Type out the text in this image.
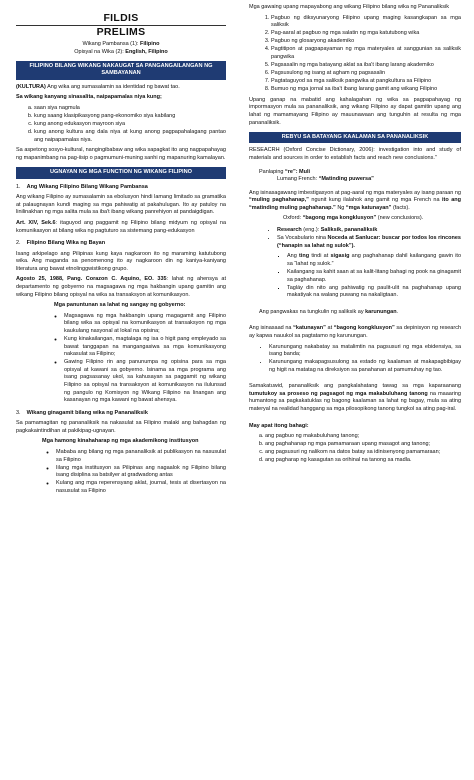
FILDIS
PRELIMS
Wikang Pambansa (1): Filipino
Opisyal na Wika (2): English, Filipino
FILIPINO BILANG WIKANG NAKAUGAT SA PANGANGAILANGAN NG SAMBAYANAN

(KULTURA) Ang wika ang sumasalamin sa identidad ng bawat tao.

Sa wikang kanyang sinasalita, naipapamalas niya kung;

a. saan siya nagmula
b. kung saang klasipikasyong pang-ekonomiko siya kabilang
c. kung anong edukasyon mayroon siya
d. kung anong kultura ang dala niya at kung anong pagpapahalagang pantao ang naipapamalas niya.

Sa aspetong sosyo-kultural, nangingibabaw ang wika sapagkat ito ang nagpapahayag ng mapanimbang na pag-iisip o pagmumuni-muning sanhi ng mapanuring kamalayan.

UGNAYAN NG MGA FUNCTION NG WIKANG FILIPINO
1. Ang Wikang Filipino Bilang Wikang Pambansa

Ang wikang Filipino ay sumasalamin sa ebolusyon hindi lamang limitado sa gramatika at palaugnayan kundi maging sa mga pahiwatig at pakahulugan. Ito ay patuloy na linilinakhan ng mga salita mula sa iba't ibang wikang panrehiyon at pandaigdigan.

Art. XIV, Sek.6: itaguyod ang paggamit ng Filipino bilang midyum ng opisyal na komunikasyon at bilang wika ng pagtuturo sa sistemang pang-edukasyon

2. Filipino Bilang Wika ng Bayan

Isang arkipelago ang Pilipinas kung kaya nagkaroon ito ng maraming katutubong wika. Ang maganda sa penomenong ito ay nagkaroon din ng kaniya-kaniyang literatura ang bawat etnolinggwistikong grupo.

Agosto 25, 1988, Pang. Corazon C. Aquino, EO. 335: lahat ng ahensya at departamento ng gobyerno na magsagawa ng mga hakbangin upang gamitin ang wikang Filipino bilang opisyal na wika sa transaksyon at komunikasyon.

Mga panuntunan sa lahat ng sangay ng gobyerno:

◦ Magsagawa ng mga hakbangin upang magagamit ang Filipino bilang wika sa opisyal na komunikasyon at transaksyon ng mga kaukulang nasyonal at lokal na opisina;
◦ Kung kinakailangan, magtalaga ng isa o higit pang empleyado sa bawat tanggapan na mangangasiwa sa mga komunikasyong nakasulat sa Filipino;
◦ Gawing Filipino rin ang panunumpa ng opisina para sa mga opisyal at kawani sa gobyerno. Isinama sa mga programa ang isang pagsasanay ukol, sa kahusayan sa paggamit ng wikang Filipino sa opisyal na transaksyon at komunikasyon na ilulunsad ng pangulo ng Komisyon ng Wikang Filipino na linangan ang kasanayan ng mga kawani ng bawat ahensya.
3. Wikang ginagamit bilang wika ng Pananaliksik

Sa pamamagitan ng pananaliksik na nakasulat sa Filipino malaki ang bahagdan ng pagkakaintindihan at pakikipag-ugnayan.

Mga hamong kinahaharap ng mga akademikong institusyon

◦ Mababa ang bilang ng mga pananaliksik at publikasyon na nasusulat sa Filipino
◦ Iilang mga institusyon sa Pilipinas ang nagaalok ng Filipino bilang isang disiplina sa batsilyer at gradwadong antas
◦ Kulang ang mga reperensyang aklat, journal, tesis at disertasyon na nasusulat sa Filipino

Mga gawaing upang mapayabong ang wikang Filipino bilang wika ng Pananaliksik

1. Pagbuo ng diksyunaryong Filipino upang maging kasangkapan sa mga saliksik
2. Pag-aaral at pagbuo ng mga salatin ng mga katutubong wika
3. Pagbuo ng glosaryong akademiko
4. Pagtitipon at pagpapayaman ng mga materyales at sanggunian sa saliksik pangwika
5. Pagsasalin ng mga batayang aklat sa iba't ibang larang akademiko
6. Pagsusulong ng isang at agham ng pagsasalin
7. Pagtataguyod sa mga saliksik pangwika at pangkultura sa Filipino
8. Bumuo ng mga jornal sa iba't ibang larang gamit ang wikang Filipino

Upang ganap na mabatid ang kahalagahan ng wika sa pagpapahayag ng impormasyon mula sa pananaliksik, ang wikang Filipino ay dapat gamitin upang ang lahat ng mamamayang Filipino ay mauunawaan ang tunguhin at resulta ng mga pananaliksik.

REBYU SA BATAYANG KAALAMAN SA PANANALIKSIK

RESEACRH (Oxford Concise Dictionary, 2006): investigation into and study of materials and sources in order to establish facts and reach new conclusions.”

Panlaping “re”: Muli
Lumang French: “Matinding puwersa”

Ang isinasagawang imbestigasyon at pag-aaral ng mga materyales ay isang paraan ng “muling paghahanap,” ngunit kung ilalahok ang gamit ng mga French na ito ang “matinding muling paghahanap.” Ng “mga katunayan” (facts).

Oxford: “bagong mga kongklusyon” (new conclusions).
• Research (eng.): Saliksik, pananaliksik
• Sa Vocabulario nina Noceda at Sanlucar: buscar por todos los rincones (“hanapin sa lahat ng sulok”).
▪ Ang ting tindi at sigasig ang paghahanap dahil kailangang gawin ito sa “lahat ng sulok.”
▪ Kailangang sa kahit saan at sa kalit-litang bahagi ng pook na ginagamit sa paghahanap.
▪ Tagláy din nito ang pahiwatig ng paulit-ulit na paghahanap upang makatiyak na walang puwang na nakaligtaan.

Ang pangwakas na tungkulin ng saliksik ay karunungan.

Ang isinasaad na “katunayan” at “bagong kongklusyon” sa depinisyon ng research ay kapwa nauukol sa pagtatamo ng karunungan.

• Karunungang nakabatay sa matalimtin na pagsusuri ng mga ebidensiya, sa isang banda;
• Karunungang makapagsusulong sa estado ng kaalaman at makapagbibigay ng higit na matatag na direksiyon sa panahanan at pamumuhay ng tao.

Samakatuwid, pananaliksik ang pangkalahatang tawag sa mga kaparaanang tumutukoy sa proseso ng pagsagot ng mga makabuluhang tanong na maaaring humantong sa pagkakatuklas ng bagong kaalaman sa lahat ng bagay, mula sa ating materyal na realidad hanggang sa mga pilosopikong tanong tungkol sa ating pag-iral.

May apat itong bahagi:

a. ang pagbuo ng makabuluhang tanong;
b. ang paghahanap ng mga pamamaraan upang masagot ang tanong;
c. ang pagsusuri ng nalikom na datos batay sa idinisenyong pamamaraan;
d. ang pagharap ng kasagutan sa orihinal na tanong sa madla.
